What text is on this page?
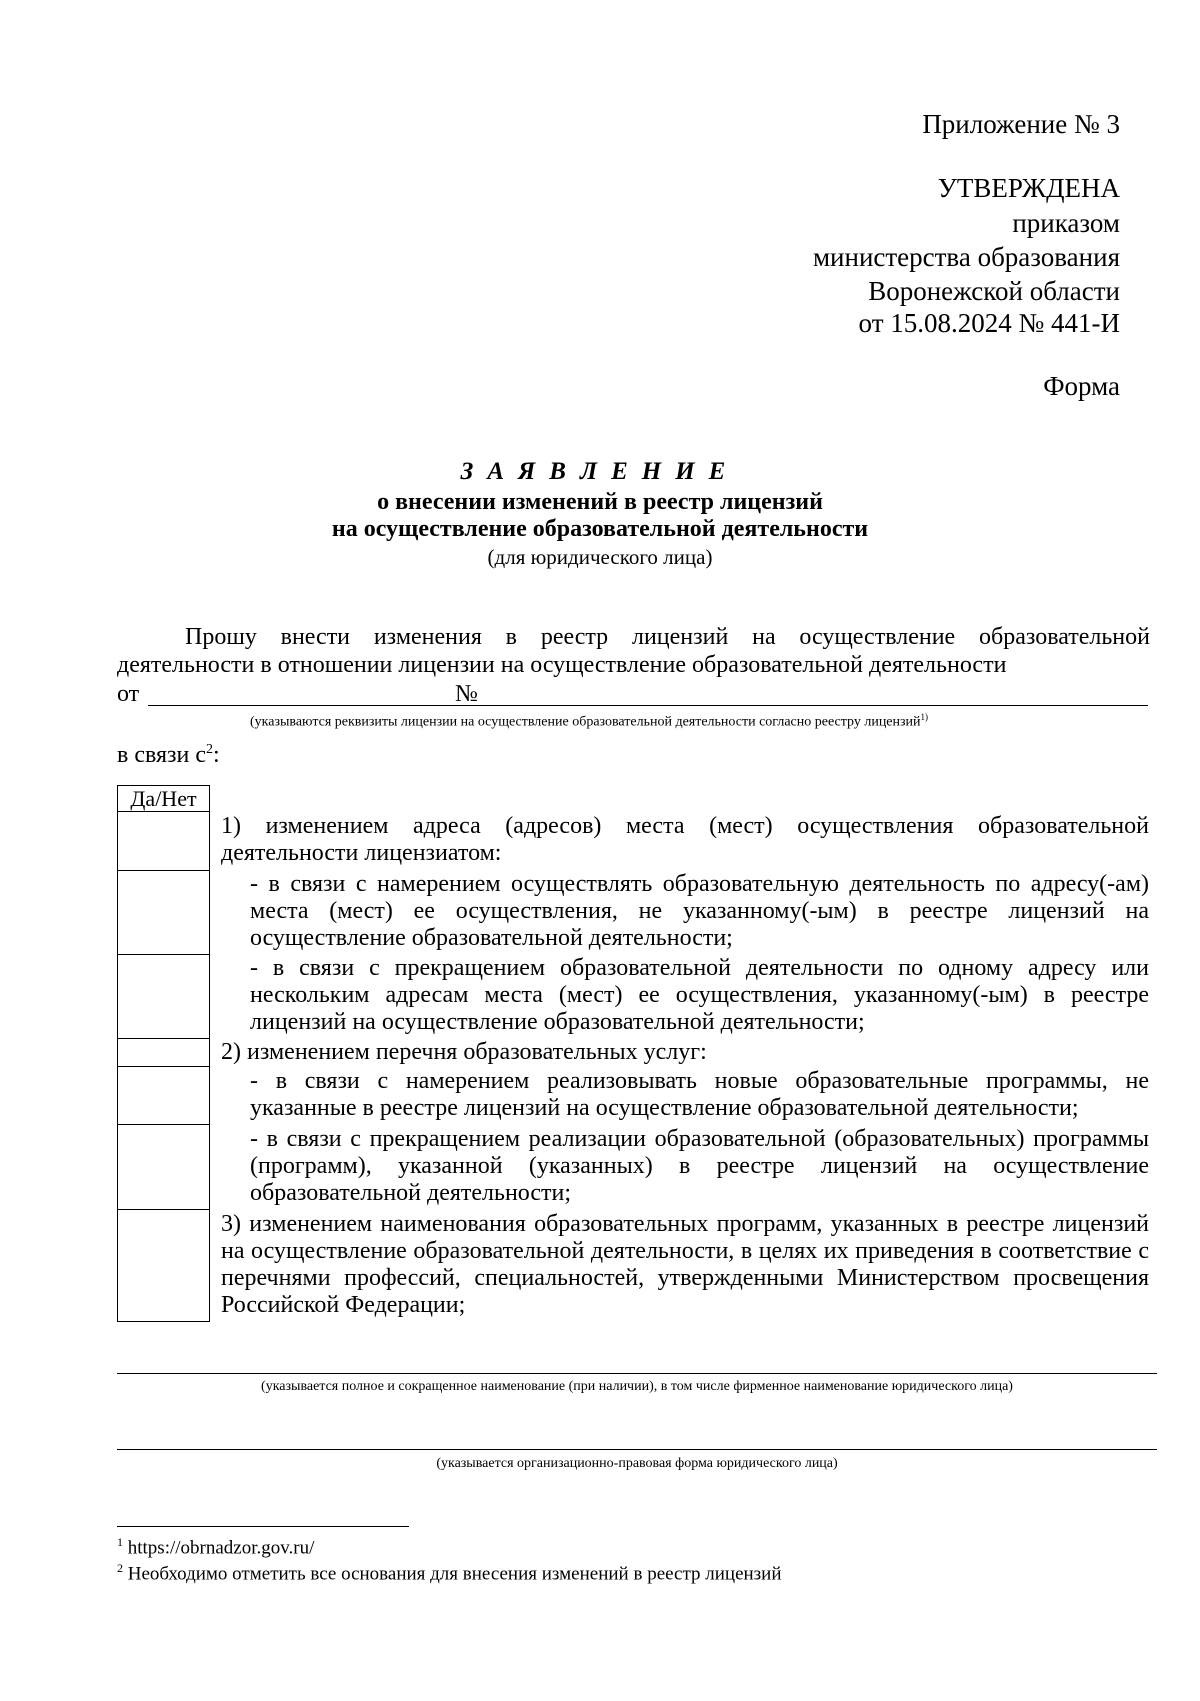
Приложение № 3
УТВЕРЖДЕНА
приказом
министерства образования
Воронежской области
от 15.08.2024 № 441-И
Форма
ЗАЯВЛЕНИЕ
о внесении изменений в реестр лицензий
на осуществление образовательной деятельности
(для юридического лица)
Прошу внести изменения в реестр лицензий на осуществление образовательной
деятельности в отношении лицензии на осуществление образовательной деятельности
от	№
(указываются реквизиты лицензии на осуществление образовательной деятельности согласно реестру лицензий$^{1)}$
в связи $с^2$:
Да/Нет
1) изменением адреса (адресов) места (мест) осуществления образовательной деятельности лицензиатом:
- в связи с намерением осуществлять образовательную деятельность по адресу(-ам) места (мест) ее осуществления, не указанному(-ым) в реестре лицензий на осуществление образовательной деятельности;
- в связи с прекращением образовательной деятельности по одному адресу или нескольким адресам места (мест) ее осуществления, указанному(-ым) в реестре лицензий на осуществление образовательной деятельности;
2) изменением перечня образовательных услуг:
- в связи с намерением реализовывать новые образовательные программы, не указанные в реестре лицензий на осуществление образовательной деятельности;
- в связи с прекращением реализации образовательной (образовательных) программы (программ), указанной (указанных) в реестре лицензий на осуществление образовательной деятельности;
3) изменением наименования образовательных программ, указанных в реестре лицензий на осуществление образовательной деятельности, в целях их приведения в соответствие с перечнями профессий, специальностей, утвержденными Министерством просвещения Российской Федерации;
(указывается полное и сокращенное наименование (при наличии), в том числе фирменное наименование юридического лица)
(указывается организационно-правовая форма юридического лица)
$^1$ https://obrnadzor.gov.ru/
$^2$ Необходимо отметить все основания для внесения изменений в реестр лицензий
